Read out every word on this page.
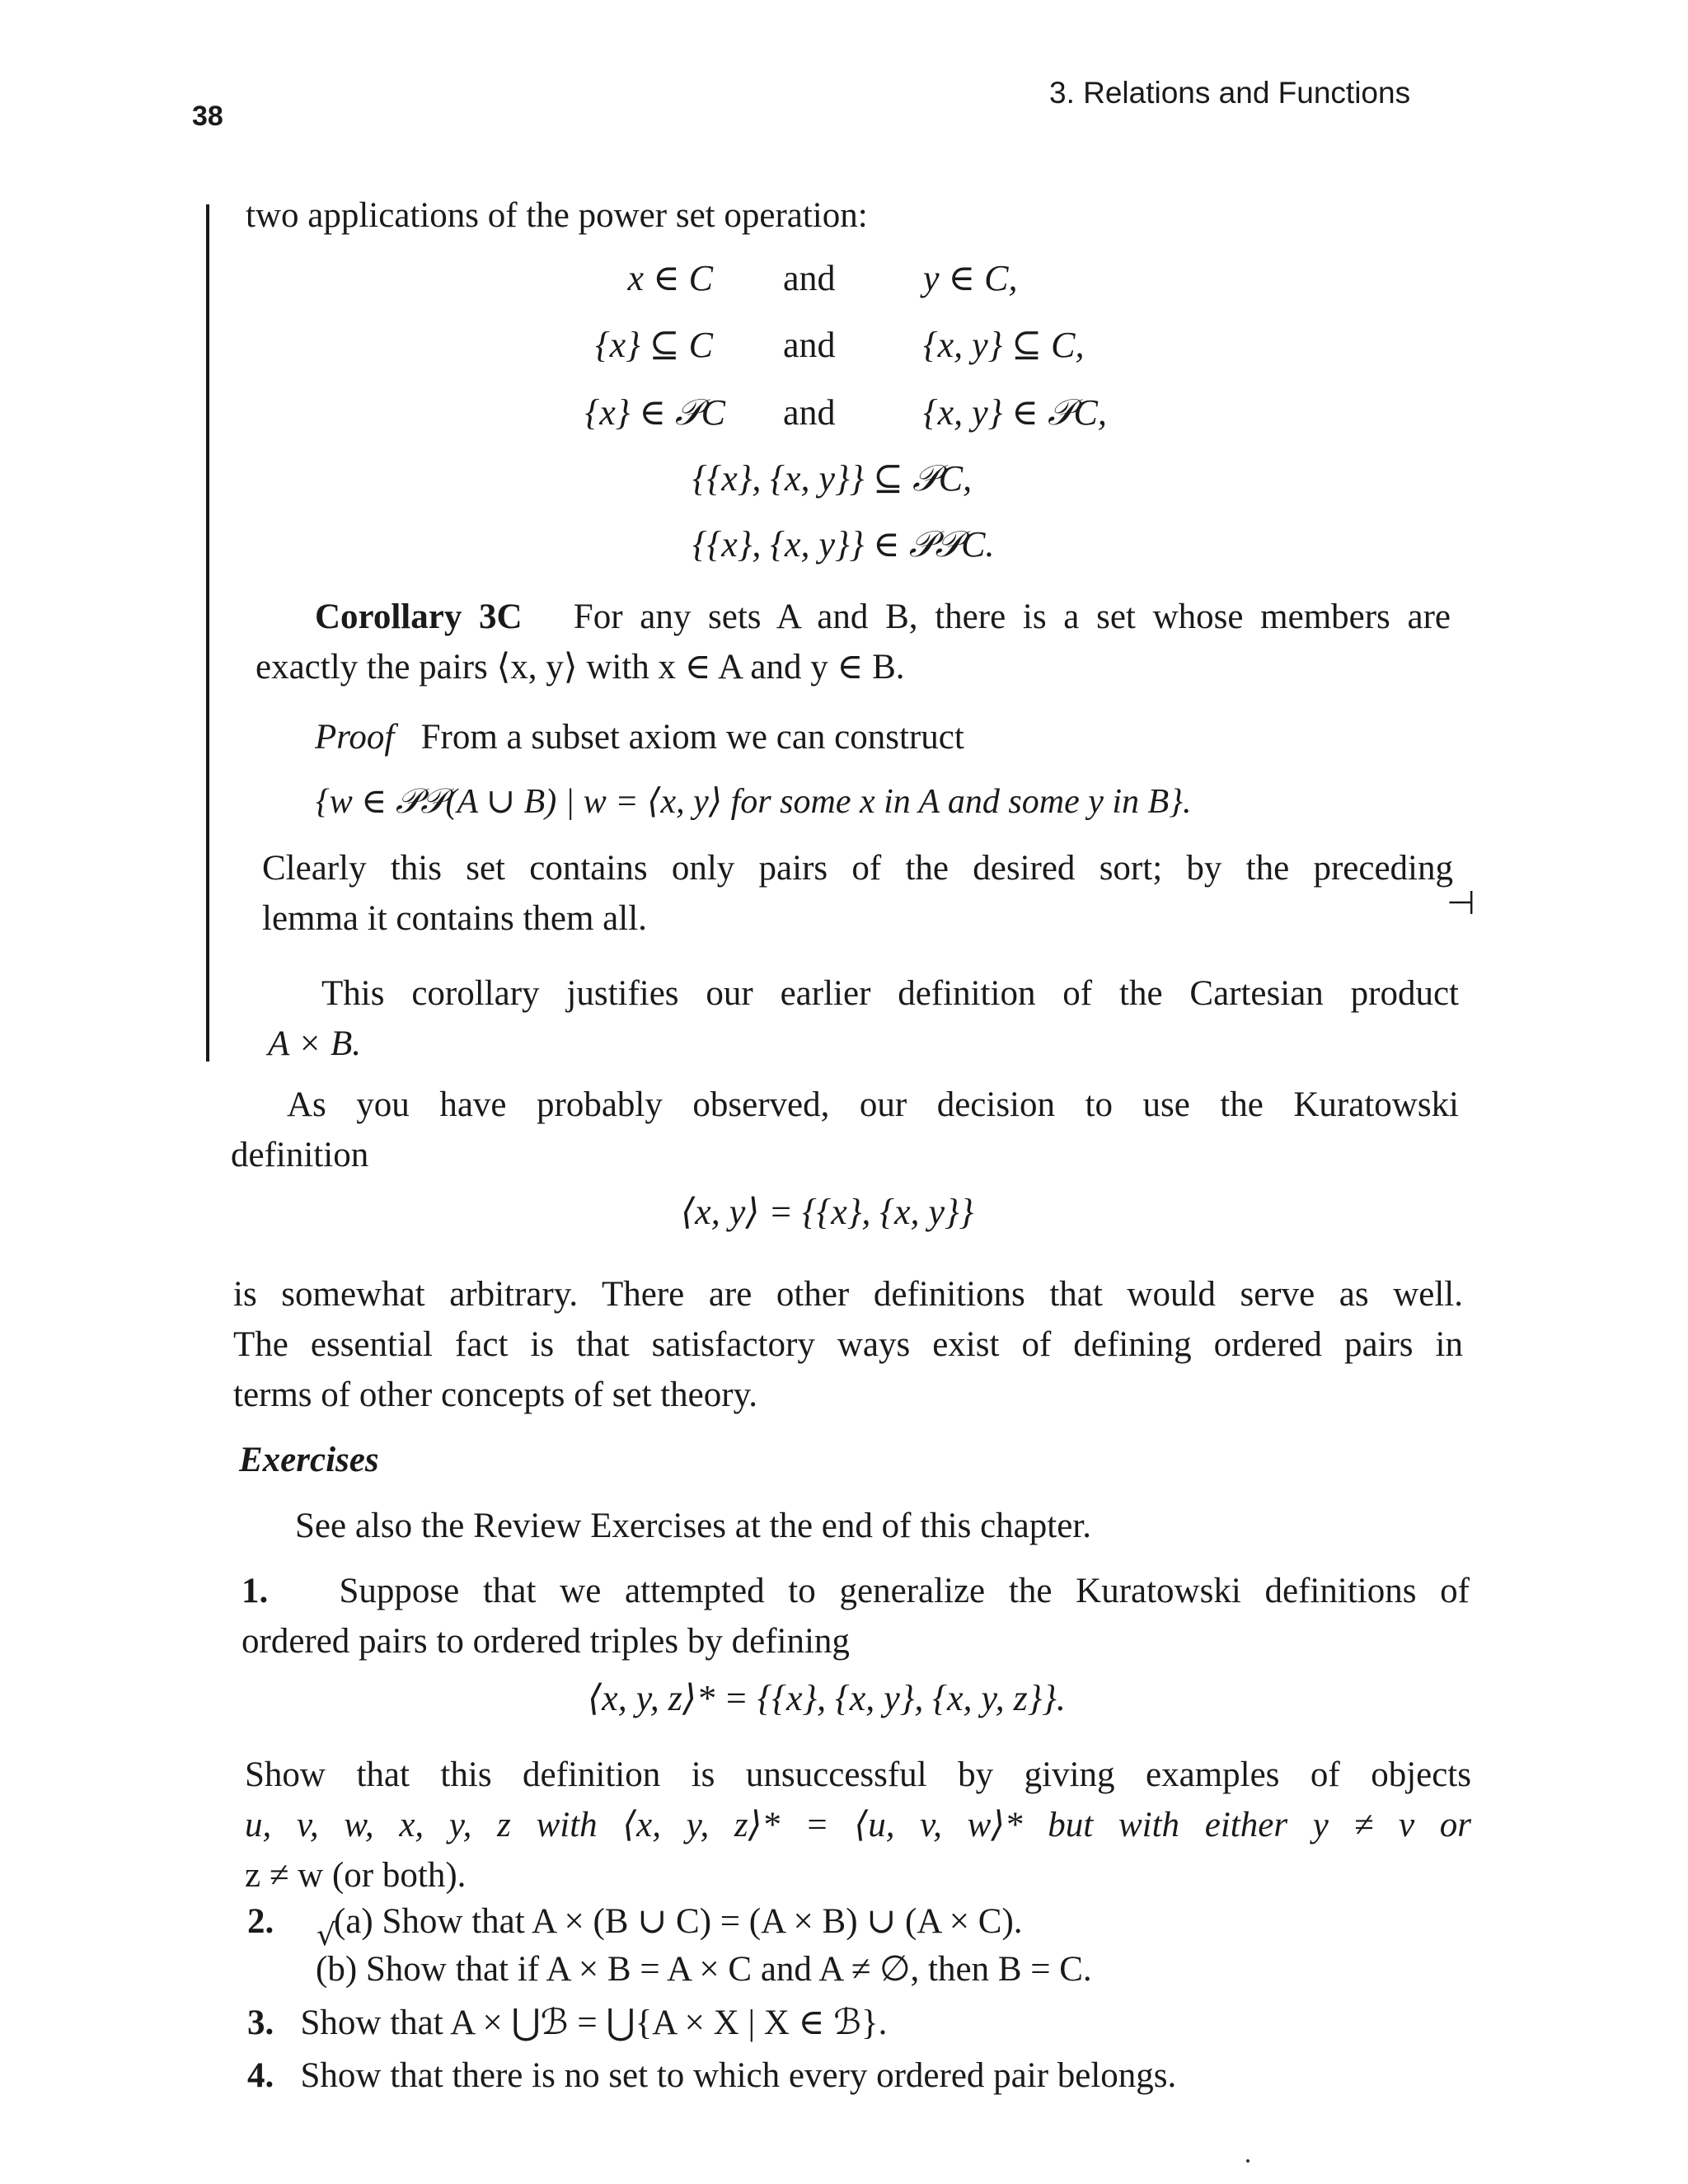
38
3. Relations and Functions
two applications of the power set operation:
x ∈ C and y ∈ C,
{x} ⊆ C and {x, y} ⊆ C,
{x} ∈ 𝒫C and {x, y} ∈ 𝒫C,
{{x}, {x, y}} ⊆ 𝒫C,
{{x}, {x, y}} ∈ 𝒫𝒫C.
Corollary 3C For any sets A and B, there is a set whose members are
exactly the pairs ⟨x, y⟩ with x ∈ A and y ∈ B.
Proof From a subset axiom we can construct
{w ∈ 𝒫𝒫(A ∪ B) | w = ⟨x, y⟩ for some x in A and some y in B}.
Clearly this set contains only pairs of the desired sort; by the preceding
lemma it contains them all.	⊣
This corollary justifies our earlier definition of the Cartesian product
A × B.
As you have probably observed, our decision to use the Kuratowski
definition
⟨x, y⟩ = {{x}, {x, y}}
is somewhat arbitrary. There are other definitions that would serve as well.
The essential fact is that satisfactory ways exist of defining ordered pairs in
terms of other concepts of set theory.
Exercises
See also the Review Exercises at the end of this chapter.
1. Suppose that we attempted to generalize the Kuratowski definitions of
ordered pairs to ordered triples by defining
⟨x, y, z⟩* = {{x}, {x, y}, {x, y, z}}.
Show that this definition is unsuccessful by giving examples of objects
u, v, w, x, y, z with ⟨x, y, z⟩* = ⟨u, v, w⟩* but with either y ≠ v or
z ≠ w (or both).
2. √
(a) Show that A × (B ∪ C) = (A × B) ∪ (A × C).
(b) Show that if A × B = A × C and A ≠ ∅, then B = C.
3. Show that A × ⋃ℬ = ⋃{A × X | X ∈ ℬ}.
4. Show that there is no set to which every ordered pair belongs.
